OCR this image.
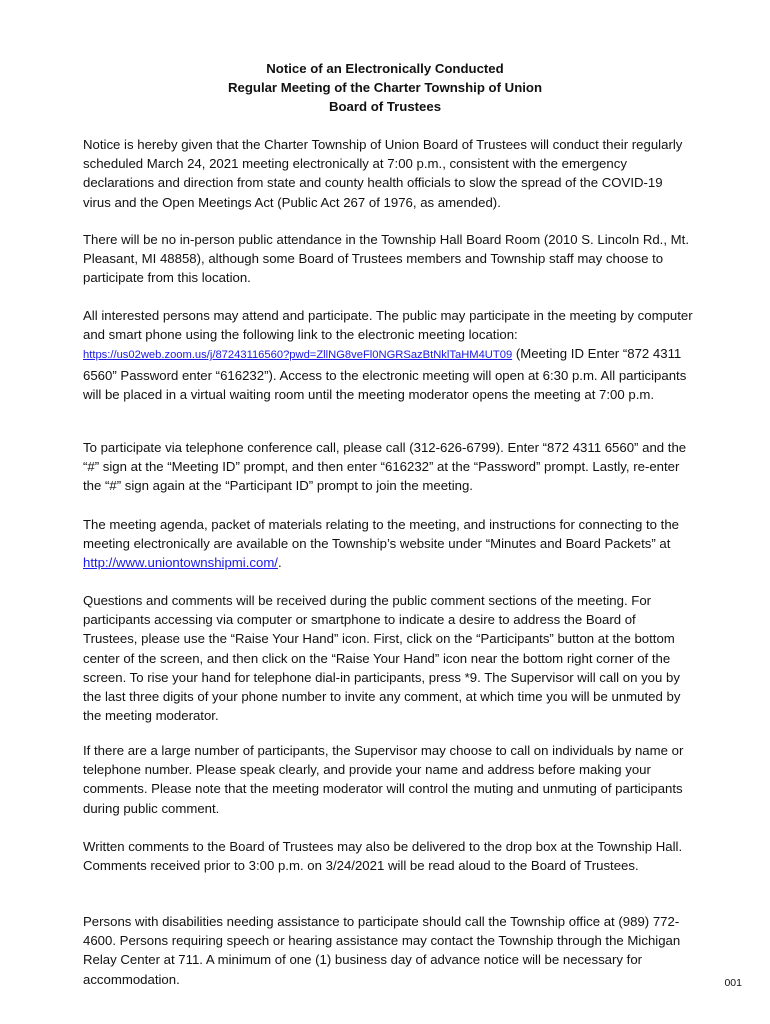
Notice of an Electronically Conducted
Regular Meeting of the Charter Township of Union
Board of Trustees

Notice is hereby given that the Charter Township of Union Board of Trustees will conduct their regularly scheduled March 24, 2021 meeting electronically at 7:00 p.m., consistent with the emergency declarations and direction from state and county health officials to slow the spread of the COVID-19 virus and the Open Meetings Act (Public Act 267 of 1976, as amended).

There will be no in-person public attendance in the Township Hall Board Room (2010 S. Lincoln Rd., Mt. Pleasant, MI 48858), although some Board of Trustees members and Township staff may choose to participate from this location.

All interested persons may attend and participate. The public may participate in the meeting by computer and smart phone using the following link to the electronic meeting location: https://us02web.zoom.us/j/87243116560?pwd=ZllNG8veFl0NGRSazBtNklTaHM4UT09 (Meeting ID Enter “872 4311 6560” Password enter “616232”). Access to the electronic meeting will open at 6:30 p.m. All participants will be placed in a virtual waiting room until the meeting moderator opens the meeting at 7:00 p.m.

To participate via telephone conference call, please call (312-626-6799). Enter “872 4311 6560” and the “#” sign at the “Meeting ID” prompt, and then enter “616232” at the “Password” prompt. Lastly, re-enter the “#” sign again at the “Participant ID” prompt to join the meeting.

The meeting agenda, packet of materials relating to the meeting, and instructions for connecting to the meeting electronically are available on the Township’s website under “Minutes and Board Packets” at http://www.uniontownshipmi.com/.

Questions and comments will be received during the public comment sections of the meeting. For participants accessing via computer or smartphone to indicate a desire to address the Board of Trustees, please use the “Raise Your Hand” icon. First, click on the “Participants” button at the bottom center of the screen, and then click on the “Raise Your Hand” icon near the bottom right corner of the screen. To rise your hand for telephone dial-in participants, press *9. The Supervisor will call on you by the last three digits of your phone number to invite any comment, at which time you will be unmuted by the meeting moderator.

If there are a large number of participants, the Supervisor may choose to call on individuals by name or telephone number. Please speak clearly, and provide your name and address before making your comments. Please note that the meeting moderator will control the muting and unmuting of participants during public comment.

Written comments to the Board of Trustees may also be delivered to the drop box at the Township Hall. Comments received prior to 3:00 p.m. on 3/24/2021 will be read aloud to the Board of Trustees.

Persons with disabilities needing assistance to participate should call the Township office at (989) 772-4600. Persons requiring speech or hearing assistance may contact the Township through the Michigan Relay Center at 711. A minimum of one (1) business day of advance notice will be necessary for accommodation.	001
